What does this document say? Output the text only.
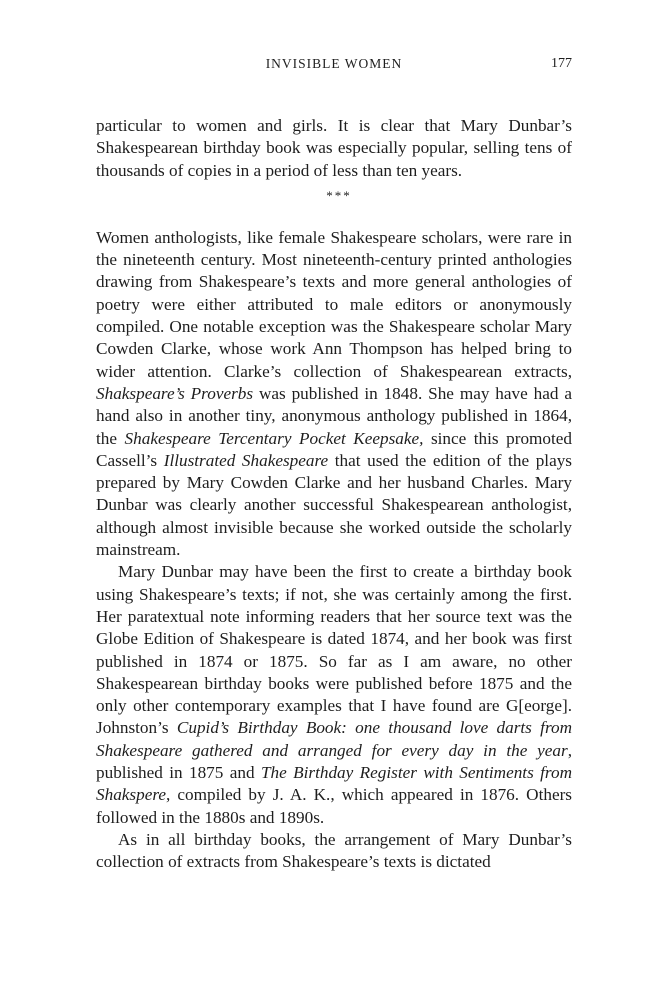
INVISIBLE WOMEN	177

particular to women and girls. It is clear that Mary Dunbar’s Shakespearean birthday book was especially popular, selling tens of thousands of copies in a period of less than ten years.

***

Women anthologists, like female Shakespeare scholars, were rare in the nineteenth century. Most nineteenth-century printed anthologies drawing from Shakespeare’s texts and more general anthologies of poetry were either attributed to male editors or anonymously compiled. One notable exception was the Shakespeare scholar Mary Cowden Clarke, whose work Ann Thompson has helped bring to wider attention. Clarke’s collection of Shakespearean extracts, Shakspeare’s Proverbs was published in 1848. She may have had a hand also in another tiny, anonymous anthology published in 1864, the Shakespeare Tercentary Pocket Keepsake, since this promoted Cassell’s Illustrated Shakespeare that used the edition of the plays prepared by Mary Cowden Clarke and her husband Charles. Mary Dunbar was clearly another successful Shakespearean anthologist, although almost invisible because she worked outside the scholarly mainstream.

Mary Dunbar may have been the first to create a birthday book using Shakespeare’s texts; if not, she was certainly among the first. Her paratextual note informing readers that her source text was the Globe Edition of Shakespeare is dated 1874, and her book was first published in 1874 or 1875. So far as I am aware, no other Shakespearean birthday books were published before 1875 and the only other contemporary examples that I have found are G[eorge]. Johnston’s Cupid’s Birthday Book: one thousand love darts from Shakespeare gathered and arranged for every day in the year, published in 1875 and The Birthday Register with Sentiments from Shakspere, compiled by J. A. K., which appeared in 1876. Others followed in the 1880s and 1890s.

As in all birthday books, the arrangement of Mary Dunbar’s collection of extracts from Shakespeare’s texts is dictated
